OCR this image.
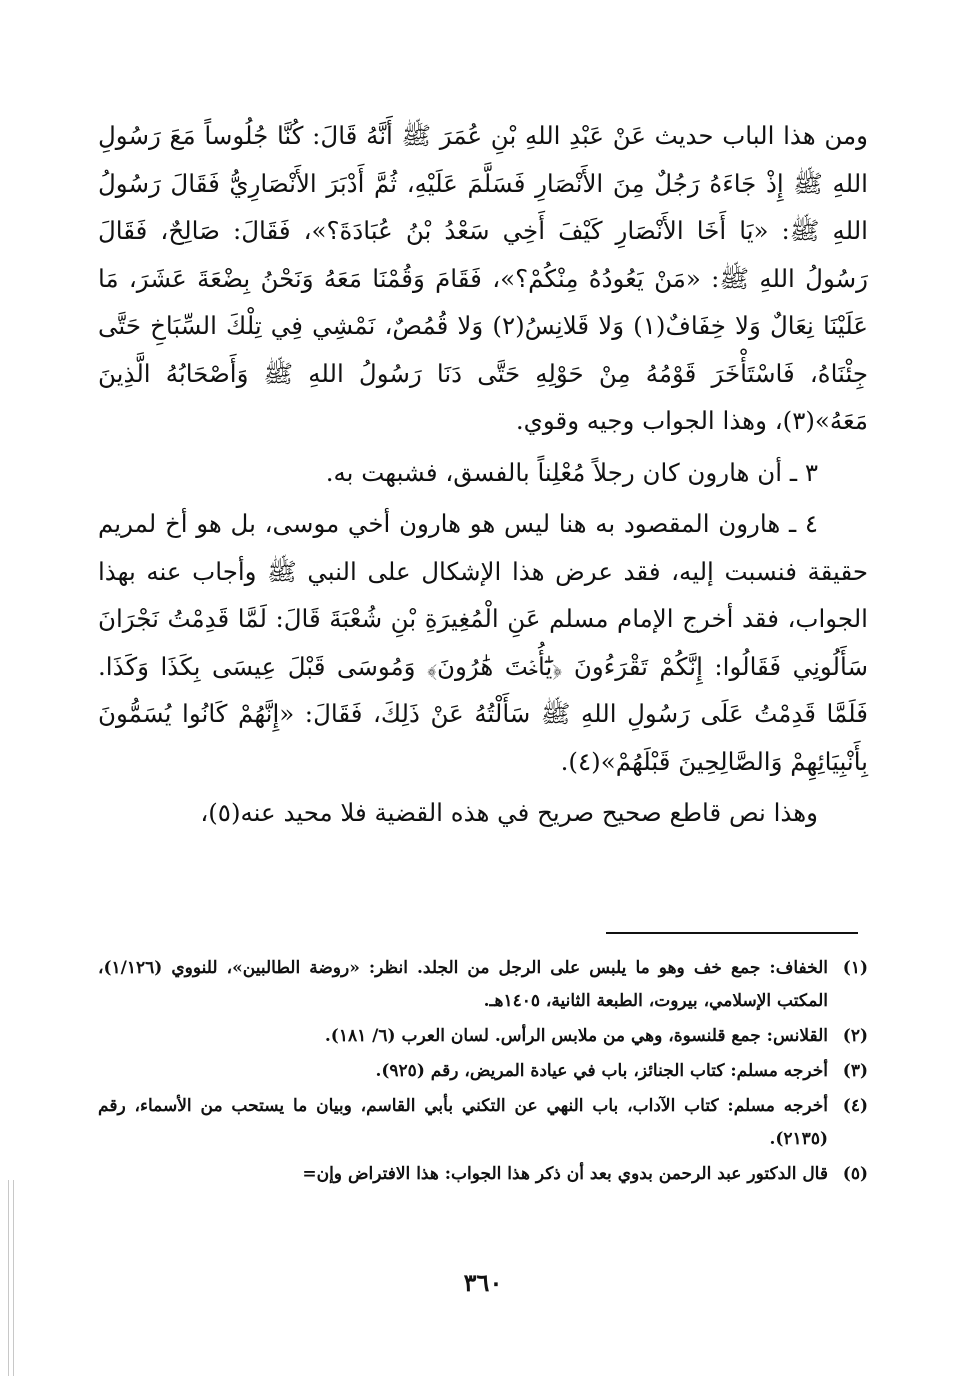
ومن هذا الباب حديث عَنْ عَبْدِ اللهِ بْنِ عُمَرَ ﷺ أَنَّهُ قَالَ: كُنَّا جُلُوساً مَعَ رَسُولِ اللهِ ﷺ إِذْ جَاءَهُ رَجُلٌ مِنَ الأَنْصَارِ فَسَلَّمَ عَلَيْهِ، ثُمَّ أَدْبَرَ الأَنْصَارِيُّ فَقَالَ رَسُولُ اللهِ ﷺ: «يَا أَخَا الأَنْصَارِ كَيْفَ أَخِي سَعْدُ بْنُ عُبَادَةَ؟»، فَقَالَ: صَالِحٌ، فَقَالَ رَسُولُ اللهِ ﷺ: «مَنْ يَعُودُهُ مِنْكُمْ؟»، فَقَامَ وَقُمْنَا مَعَهُ وَنَحْنُ بِضْعَةَ عَشَرَ، مَا عَلَيْنَا نِعَالٌ وَلا خِفَافٌ(١) وَلا قَلانِسُ(٢) وَلا قُمُصٌ، نَمْشِي فِي تِلْكَ السِّبَاخِ حَتَّى جِئْنَاهُ، فَاسْتَأْخَرَ قَوْمُهُ مِنْ حَوْلِهِ حَتَّى دَنَا رَسُولُ اللهِ ﷺ وَأَصْحَابُهُ الَّذِينَ مَعَهُ»(٣)، وهذا الجواب وجيه وقوي.

٣ ـ أن هارون كان رجلاً مُعْلِناً بالفسق، فشبهت به.

٤ ـ هارون المقصود به هنا ليس هو هارون أخي موسى، بل هو أخ لمريم حقيقة فنسبت إليه، فقد عرض هذا الإشكال على النبي ﷺ وأجاب عنه بهذا الجواب، فقد أخرج الإمام مسلم عَنِ الْمُغِيرَةِ بْنِ شُعْبَةَ قَالَ: لَمَّا قَدِمْتُ نَجْرَانَ سَأَلُونِي فَقَالُوا: إِنَّكُمْ تَقْرَءُونَ ﴿يَٰٓأُخۡتَ هَٰرُونَ﴾ وَمُوسَى قَبْلَ عِيسَى بِكَذَا وَكَذَا. فَلَمَّا قَدِمْتُ عَلَى رَسُولِ اللهِ ﷺ سَأَلْتُهُ عَنْ ذَلِكَ، فَقَالَ: «إِنَّهُمْ كَانُوا يُسَمُّونَ بِأَنْبِيَائِهِمْ وَالصَّالِحِينَ قَبْلَهُمْ»(٤).

وهذا نص قاطع صحيح صريح في هذه القضية فلا محيد عنه(٥)،

(١)
الخفاف: جمع خف وهو ما يلبس على الرجل من الجلد. انظر: «روضة الطالبين»، للنووي (١/١٢٦)، المكتب الإسلامي، بيروت، الطبعة الثانية، ١٤٠٥هـ.
(٢)
القلانس: جمع قلنسوة، وهي من ملابس الرأس. لسان العرب (٦/ ١٨١).
(٣)
أخرجه مسلم: كتاب الجنائز، باب في عيادة المريض، رقم (٩٢٥).
(٤)
أخرجه مسلم: كتاب الآداب، باب النهي عن التكني بأبي القاسم، وبيان ما يستحب من الأسماء، رقم (٢١٣٥).
(٥)
قال الدكتور عبد الرحمن بدوي بعد أن ذكر هذا الجواب: هذا الافتراض وإن=
٣٦٠
